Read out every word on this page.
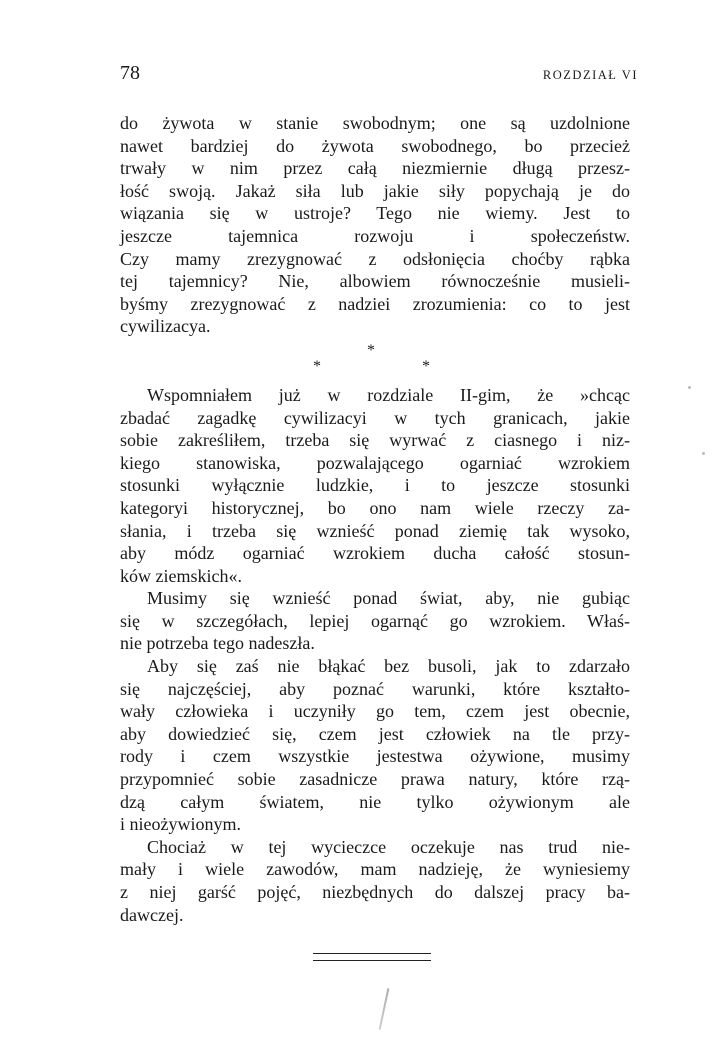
78	ROZDZIAŁ VI
do żywota w stanie swobodnym; one są uzdolnione
nawet bardziej do żywota swobodnego, bo przecież
trwały w nim przez całą niezmiernie długą przesz-
łość swoją. Jakaż siła lub jakie siły popychają je do
wiązania się w ustroje? Tego nie wiemy. Jest to
jeszcze tajemnica rozwoju i społeczeństw.
Czy mamy zrezygnować z odsłonięcia choćby rąbka
tej tajemnicy? Nie, albowiem równocześnie musieli-
byśmy zrezygnować z nadziei zrozumienia: co to jest
cywilizacya.
*
*	*
Wspomniałem już w rozdziale II-gim, że »chcąc
zbadać zagadkę cywilizacyi w tych granicach, jakie
sobie zakreśliłem, trzeba się wyrwać z ciasnego i niz-
kiego stanowiska, pozwalającego ogarniać wzrokiem
stosunki wyłącznie ludzkie, i to jeszcze stosunki
kategoryi historycznej, bo ono nam wiele rzeczy za-
słania, i trzeba się wznieść ponad ziemię tak wysoko,
aby módz ogarniać wzrokiem ducha całość stosun-
ków ziemskich«.
Musimy się wznieść ponad świat, aby, nie gubiąc
się w szczegółach, lepiej ogarnąć go wzrokiem. Właś-
nie potrzeba tego nadeszła.
Aby się zaś nie błąkać bez busoli, jak to zdarzało
się najczęściej, aby poznać warunki, które kształto-
wały człowieka i uczyniły go tem, czem jest obecnie,
aby dowiedzieć się, czem jest człowiek na tle przy-
rody i czem wszystkie jestestwa ożywione, musimy
przypomnieć sobie zasadnicze prawa natury, które rzą-
dzą całym światem, nie tylko ożywionym ale
i nieożywionym.
Chociaż w tej wycieczce oczekuje nas trud nie-
mały i wiele zawodów, mam nadzieję, że wyniesiemy
z niej garść pojęć, niezbędnych do dalszej pracy ba-
dawczej.
